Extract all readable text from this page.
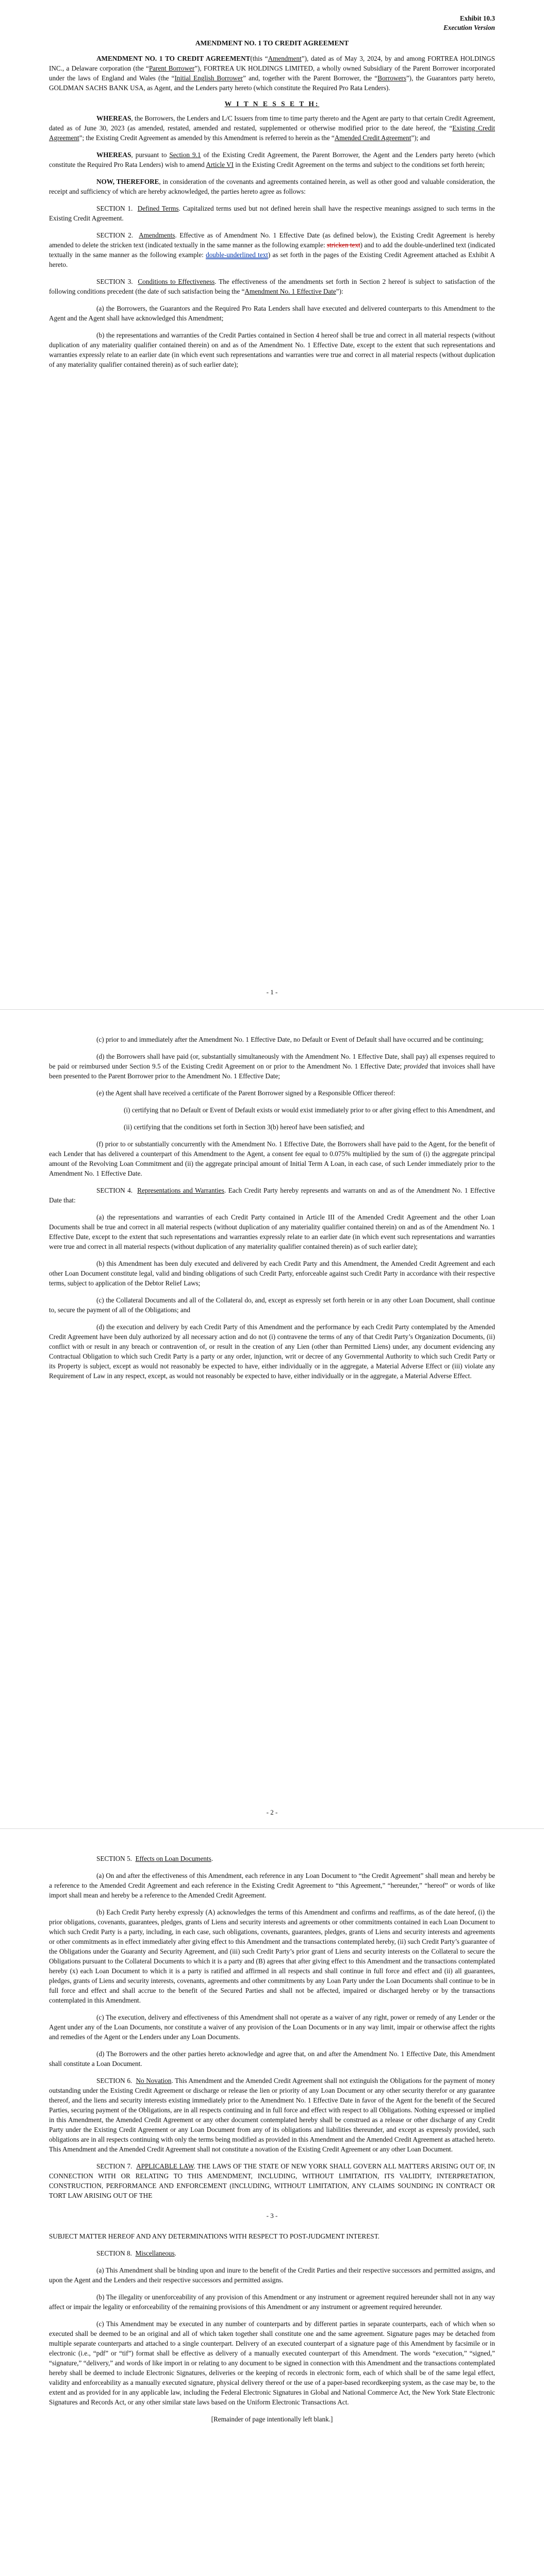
Exhibit 10.3
Execution Version
AMENDMENT NO. 1 TO CREDIT AGREEMENT

AMENDMENT NO. 1 TO CREDIT AGREEMENT(this “Amendment”), dated as of May 3, 2024, by and among FORTREA HOLDINGS INC., a Delaware corporation (the “Parent Borrower”), FORTREA UK HOLDINGS LIMITED, a wholly owned Subsidiary of the Parent Borrower incorporated under the laws of England and Wales (the “Initial English Borrower” and, together with the Parent Borrower, the “Borrowers”), the Guarantors party hereto, GOLDMAN SACHS BANK USA, as Agent, and the Lenders party hereto (which constitute the Required Pro Rata Lenders).

W I T N E S S E T H:

WHEREAS, the Borrowers, the Lenders and L/C Issuers from time to time party thereto and the Agent are party to that certain Credit Agreement, dated as of June 30, 2023 (as amended, restated, amended and restated, supplemented or otherwise modified prior to the date hereof, the “Existing Credit Agreement”; the Existing Credit Agreement as amended by this Amendment is referred to herein as the “Amended Credit Agreement”); and

WHEREAS, pursuant to Section 9.1 of the Existing Credit Agreement, the Parent Borrower, the Agent and the Lenders party hereto (which constitute the Required Pro Rata Lenders) wish to amend Article VI in the Existing Credit Agreement on the terms and subject to the conditions set forth herein;

NOW, THEREFORE, in consideration of the covenants and agreements contained herein, as well as other good and valuable consideration, the receipt and sufficiency of which are hereby acknowledged, the parties hereto agree as follows:

SECTION 1. Defined Terms. Capitalized terms used but not defined herein shall have the respective meanings assigned to such terms in the Existing Credit Agreement.

SECTION 2. Amendments. Effective as of Amendment No. 1 Effective Date (as defined below), the Existing Credit Agreement is hereby amended to delete the stricken text (indicated textually in the same manner as the following example: stricken text) and to add the double-underlined text (indicated textually in the same manner as the following example: double-underlined text) as set forth in the pages of the Existing Credit Agreement attached as Exhibit A hereto.

SECTION 3. Conditions to Effectiveness. The effectiveness of the amendments set forth in Section 2 hereof is subject to satisfaction of the following conditions precedent (the date of such satisfaction being the “Amendment No. 1 Effective Date”):

(a) the Borrowers, the Guarantors and the Required Pro Rata Lenders shall have executed and delivered counterparts to this Amendment to the Agent and the Agent shall have acknowledged this Amendment;

(b) the representations and warranties of the Credit Parties contained in Section 4 hereof shall be true and correct in all material respects (without duplication of any materiality qualifier contained therein) on and as of the Amendment No. 1 Effective Date, except to the extent that such representations and warranties expressly relate to an earlier date (in which event such representations and warranties were true and correct in all material respects (without duplication of any materiality qualifier contained therein) as of such earlier date);

- 1 -

(c) prior to and immediately after the Amendment No. 1 Effective Date, no Default or Event of Default shall have occurred and be continuing;

(d) the Borrowers shall have paid (or, substantially simultaneously with the Amendment No. 1 Effective Date, shall pay) all expenses required to be paid or reimbursed under Section 9.5 of the Existing Credit Agreement on or prior to the Amendment No. 1 Effective Date; provided that invoices shall have been presented to the Parent Borrower prior to the Amendment No. 1 Effective Date;

(e) the Agent shall have received a certificate of the Parent Borrower signed by a Responsible Officer thereof:

(i) certifying that no Default or Event of Default exists or would exist immediately prior to or after giving effect to this Amendment, and

(ii) certifying that the conditions set forth in Section 3(b) hereof have been satisfied; and

(f) prior to or substantially concurrently with the Amendment No. 1 Effective Date, the Borrowers shall have paid to the Agent, for the benefit of each Lender that has delivered a counterpart of this Amendment to the Agent, a consent fee equal to 0.075% multiplied by the sum of (i) the aggregate principal amount of the Revolving Loan Commitment and (ii) the aggregate principal amount of Initial Term A Loan, in each case, of such Lender immediately prior to the Amendment No. 1 Effective Date.

SECTION 4. Representations and Warranties. Each Credit Party hereby represents and warrants on and as of the Amendment No. 1 Effective Date that:

(a) the representations and warranties of each Credit Party contained in Article III of the Amended Credit Agreement and the other Loan Documents shall be true and correct in all material respects (without duplication of any materiality qualifier contained therein) on and as of the Amendment No. 1 Effective Date, except to the extent that such representations and warranties expressly relate to an earlier date (in which event such representations and warranties were true and correct in all material respects (without duplication of any materiality qualifier contained therein) as of such earlier date);

(b) this Amendment has been duly executed and delivered by each Credit Party and this Amendment, the Amended Credit Agreement and each other Loan Document constitute legal, valid and binding obligations of such Credit Party, enforceable against such Credit Party in accordance with their respective terms, subject to application of the Debtor Relief Laws;

(c) the Collateral Documents and all of the Collateral do, and, except as expressly set forth herein or in any other Loan Document, shall continue to, secure the payment of all of the Obligations; and

(d) the execution and delivery by each Credit Party of this Amendment and the performance by each Credit Party contemplated by the Amended Credit Agreement have been duly authorized by all necessary action and do not (i) contravene the terms of any of that Credit Party’s Organization Documents, (ii) conflict with or result in any breach or contravention of, or result in the creation of any Lien (other than Permitted Liens) under, any document evidencing any Contractual Obligation to which such Credit Party is a party or any order, injunction, writ or decree of any Governmental Authority to which such Credit Party or its Property is subject, except as would not reasonably be expected to have, either individually or in the aggregate, a Material Adverse Effect or (iii) violate any Requirement of Law in any respect, except, as would not reasonably be expected to have, either individually or in the aggregate, a Material Adverse Effect.

- 2 -

SECTION 5. Effects on Loan Documents.

(a) On and after the effectiveness of this Amendment, each reference in any Loan Document to “the Credit Agreement” shall mean and hereby be a reference to the Amended Credit Agreement and each reference in the Existing Credit Agreement to “this Agreement,” “hereunder,” “hereof” or words of like import shall mean and hereby be a reference to the Amended Credit Agreement.

(b) Each Credit Party hereby expressly (A) acknowledges the terms of this Amendment and confirms and reaffirms, as of the date hereof, (i) the prior obligations, covenants, guarantees, pledges, grants of Liens and security interests and agreements or other commitments contained in each Loan Document to which such Credit Party is a party, including, in each case, such obligations, covenants, guarantees, pledges, grants of Liens and security interests and agreements or other commitments as in effect immediately after giving effect to this Amendment and the transactions contemplated hereby, (ii) such Credit Party’s guarantee of the Obligations under the Guaranty and Security Agreement, and (iii) such Credit Party’s prior grant of Liens and security interests on the Collateral to secure the Obligations pursuant to the Collateral Documents to which it is a party and (B) agrees that after giving effect to this Amendment and the transactions contemplated hereby (x) each Loan Document to which it is a party is ratified and affirmed in all respects and shall continue in full force and effect and (ii) all guarantees, pledges, grants of Liens and security interests, covenants, agreements and other commitments by any Loan Party under the Loan Documents shall continue to be in full force and effect and shall accrue to the benefit of the Secured Parties and shall not be affected, impaired or discharged hereby or by the transactions contemplated in this Amendment.

(c) The execution, delivery and effectiveness of this Amendment shall not operate as a waiver of any right, power or remedy of any Lender or the Agent under any of the Loan Documents, nor constitute a waiver of any provision of the Loan Documents or in any way limit, impair or otherwise affect the rights and remedies of the Agent or the Lenders under any Loan Documents.

(d) The Borrowers and the other parties hereto acknowledge and agree that, on and after the Amendment No. 1 Effective Date, this Amendment shall constitute a Loan Document.

SECTION 6. No Novation. This Amendment and the Amended Credit Agreement shall not extinguish the Obligations for the payment of money outstanding under the Existing Credit Agreement or discharge or release the lien or priority of any Loan Document or any other security therefor or any guarantee thereof, and the liens and security interests existing immediately prior to the Amendment No. 1 Effective Date in favor of the Agent for the benefit of the Secured Parties, securing payment of the Obligations, are in all respects continuing and in full force and effect with respect to all Obligations. Nothing expressed or implied in this Amendment, the Amended Credit Agreement or any other document contemplated hereby shall be construed as a release or other discharge of any Credit Party under the Existing Credit Agreement or any Loan Document from any of its obligations and liabilities thereunder, and except as expressly provided, such obligations are in all respects continuing with only the terms being modified as provided in this Amendment and the Amended Credit Agreement as attached hereto. This Amendment and the Amended Credit Agreement shall not constitute a novation of the Existing Credit Agreement or any other Loan Document.

SECTION 7. APPLICABLE LAW. THE LAWS OF THE STATE OF NEW YORK SHALL GOVERN ALL MATTERS ARISING OUT OF, IN CONNECTION WITH OR RELATING TO THIS AMENDMENT, INCLUDING, WITHOUT LIMITATION, ITS VALIDITY, INTERPRETATION, CONSTRUCTION, PERFORMANCE AND ENFORCEMENT (INCLUDING, WITHOUT LIMITATION, ANY CLAIMS SOUNDING IN CONTRACT OR TORT LAW ARISING OUT OF THE

- 3 -

SUBJECT MATTER HEREOF AND ANY DETERMINATIONS WITH RESPECT TO POST-JUDGMENT INTEREST.

SECTION 8. Miscellaneous.

(a) This Amendment shall be binding upon and inure to the benefit of the Credit Parties and their respective successors and permitted assigns, and upon the Agent and the Lenders and their respective successors and permitted assigns.

(b) The illegality or unenforceability of any provision of this Amendment or any instrument or agreement required hereunder shall not in any way affect or impair the legality or enforceability of the remaining provisions of this Amendment or any instrument or agreement required hereunder.

(c) This Amendment may be executed in any number of counterparts and by different parties in separate counterparts, each of which when so executed shall be deemed to be an original and all of which taken together shall constitute one and the same agreement. Signature pages may be detached from multiple separate counterparts and attached to a single counterpart. Delivery of an executed counterpart of a signature page of this Amendment by facsimile or in electronic (i.e., “pdf” or “tif”) format shall be effective as delivery of a manually executed counterpart of this Amendment. The words “execution,” “signed,” “signature,” “delivery,” and words of like import in or relating to any document to be signed in connection with this Amendment and the transactions contemplated hereby shall be deemed to include Electronic Signatures, deliveries or the keeping of records in electronic form, each of which shall be of the same legal effect, validity and enforceability as a manually executed signature, physical delivery thereof or the use of a paper-based recordkeeping system, as the case may be, to the extent and as provided for in any applicable law, including the Federal Electronic Signatures in Global and National Commerce Act, the New York State Electronic Signatures and Records Act, or any other similar state laws based on the Uniform Electronic Transactions Act.

[Remainder of page intentionally left blank.]
